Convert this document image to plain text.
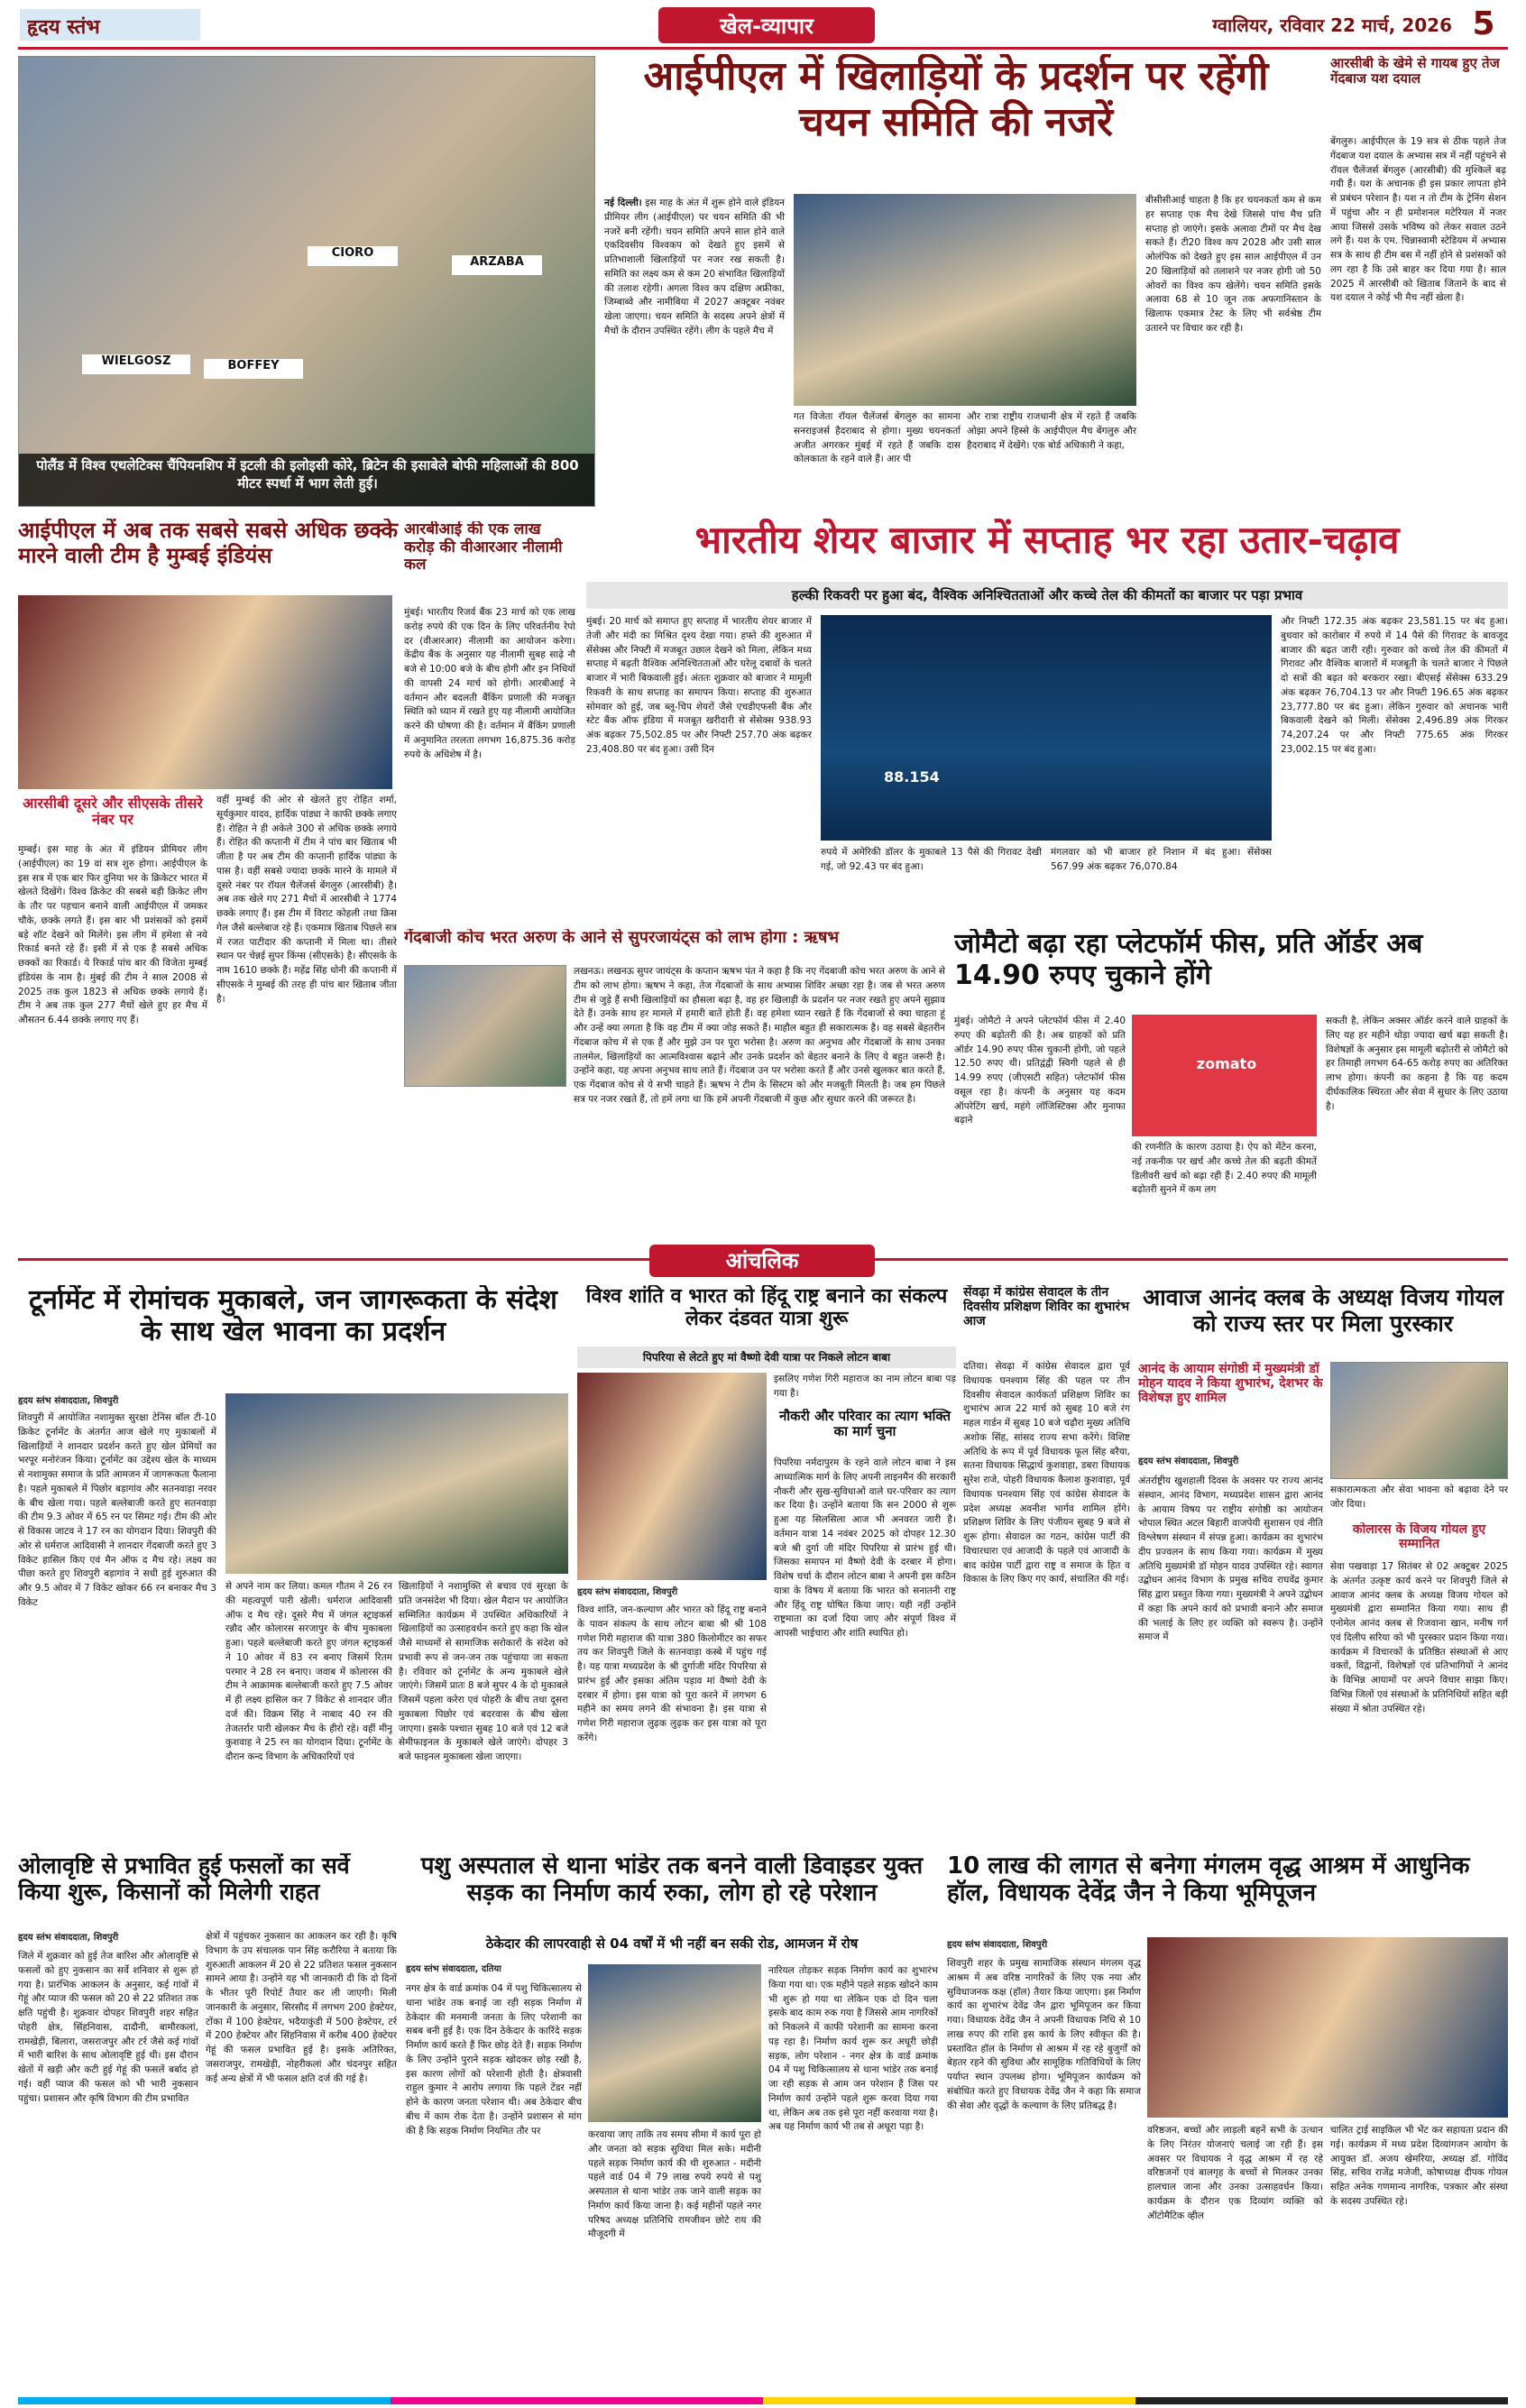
हृदय स्तंभ	खेल-व्यापार	ग्वालियर, रविवार 22 मार्च, 2026 5
WIELGOSZ	BOFFEY
CIORO
ARZABA
पोलैंड में विश्व एथलेटिक्स चैंपियनशिप में इटली की इलोइसी कोरे, ब्रिटेन की इसाबेले बोफी महिलाओं की 800 मीटर स्पर्धा में भाग लेती हुई।
आईपीएल में खिलाड़ियों के प्रदर्शन पर रहेंगी चयन समिति की नजरें
नई दिल्ली। इस माह के अंत में शुरू होने वाले इंडियन प्रीमियर लीग (आईपीएल) पर चयन समिति की भी नजरें बनी रहेंगी। चयन समिति अपने साल होने वाले एकदिवसीय विश्वकप को देखते हुए इसमें से प्रतिभाशाली खिलाड़ियों पर नजर रख सकती है। समिति का लक्ष्य कम से कम 20 संभावित खिलाड़ियों की तलाश रहेगी। अगला विश्व कप दक्षिण अफ्रीका, जिम्बाब्वे और नामीबिया में 2027 अक्टूबर नवंबर खेला जाएगा। चयन समिति के सदस्य अपने क्षेत्रों में मैचों के दौरान उपस्थित रहेंगे। लीग के पहले मैच में
गत विजेता रॉयल चैलेंजर्स बेंगलुरु का सामना सनराइजर्स हैदराबाद से होगा। मुख्य चयनकर्ता अजीत अगरकर मुंबई में रहते हैं जबकि दास कोलकाता के रहने वाले हैं। आर पी
और रात्रा राष्ट्रीय राजधानी क्षेत्र में रहते हैं जबकि ओझा अपने हिस्से के आईपीएल मैच बेंगलुरु और हैदराबाद में देखेंगे। एक बोर्ड अधिकारी ने कहा,
बीसीसीआई चाहता है कि हर चयनकर्ता कम से कम हर सप्ताह एक मैच देखे जिससे पांच मैच प्रति सप्ताह हो जाएंगे। इसके अलावा टीमों पर मैच देख सकते हैं। टी20 विश्व कप 2028 और उसी साल ओलंपिक को देखते हुए इस साल आईपीएल में उन 20 खिलाड़ियों को तलाशने पर नजर होगी जो 50 ओवरों का विश्व कप खेलेंगे। चयन समिति इसके अलावा 68 से 10 जून तक अफगानिस्तान के खिलाफ एकमात्र टेस्ट के लिए भी सर्वश्रेष्ठ टीम उतारने पर विचार कर रही है।
आरसीबी के खेमे से गायब हुए तेज गेंदबाज यश दयाल
बेंगलुरु। आईपीएल के 19 सत्र से ठीक पहले तेज गेंदबाज यश दयाल के अभ्यास सत्र में नहीं पहुंचने से रॉयल चैलेंजर्स बेंगलुरु (आरसीबी) की मुश्किलें बढ़ गयी हैं। यश के अचानक ही इस प्रकार लापता होने से प्रबंधन परेशान है। यश न तो टीम के ट्रेनिंग सेशन में पहुंचा और न ही प्रमोशनल मटेरियल में नजर आया जिससे उसके भविष्य को लेकर सवाल उठने लगे हैं। यश के एम. चिन्नास्वामी स्टेडियम में अभ्यास सत्र के साथ ही टीम बस में नहीं होने से प्रशंसकों को लग रहा है कि उसे बाहर कर दिया गया है। साल 2025 में आरसीबी को खिताब जिताने के बाद से यश दयाल ने कोई भी मैच नहीं खेला है।
आईपीएल में अब तक सबसे सबसे अधिक छक्के मारने वाली टीम है मुम्बई इंडियंस
आरसीबी दूसरे और सीएसके तीसरे नंबर पर
मुम्बई। इस माह के अंत में इंडियन प्रीमियर लीग (आईपीएल) का 19 वां सत्र शुरु होगा। आईपीएल के इस सत्र में एक बार फिर दुनिया भर के क्रिकेटर भारत में खेलते दिखेंगे। विश्व क्रिकेट की सबसे बड़ी क्रिकेट लीग के तौर पर पहचान बनाने वाली आईपीएल में जमकर चौके, छक्के लगते हैं। इस बार भी प्रशंसकों को इसमें बड़े शॉट देखने को मिलेंगे। इस लीग में हमेशा से नये रिकार्ड बनते रहे हैं। इसी में से एक है सबसे अधिक छक्कों का रिकार्ड। ये रिकार्ड पांच बार की विजेता मुम्बई इंडियंस के नाम है। मुंबई की टीम ने साल 2008 से 2025 तक कुल 1823 से अधिक छक्के लगाये हैं। टीम ने अब तक कुल 277 मैचों खेले हुए हर मैच में औसतन 6.44 छक्के लगाए गए हैं।
वहीं मुम्बई की ओर से खेलते हुए रोहित शर्मा, सूर्यकुमार यादव, हार्दिक पांड्या ने काफी छक्के लगाए हैं। रोहित ने ही अकेले 300 से अधिक छक्के लगाये हैं। रोहित की कप्तानी में टीम ने पांच बार खिताब भी जीता है पर अब टीम की कप्तानी हार्दिक पांड्या के पास है। वहीं सबसे ज्यादा छक्के मारने के मामले में दूसरे नंबर पर रॉयल चैलेंजर्स बेंगलुरु (आरसीबी) है। अब तक खेले गए 271 मैचों में आरसीबी ने 1774 छक्के लगाए हैं। इस टीम में विराट कोहली तथा क्रिस गेल जैसे बल्लेबाज रहे हैं। एकमात्र खिताब पिछले सत्र में रजत पाटीदार की कप्तानी में मिला था। तीसरे स्थान पर चेन्नई सुपर किंग्स (सीएसके) है। सीएसके के नाम 1610 छक्के हैं। महेंद्र सिंह धोनी की कप्तानी में सीएसके ने मुम्बई की तरह ही पांच बार खिताब जीता है।
आरबीआई की एक लाख करोड़ की वीआरआर नीलामी कल
मुंबई। भारतीय रिजर्व बैंक 23 मार्च को एक लाख करोड़ रुपये की एक दिन के लिए परिवर्तनीय रेपो दर (वीआरआर) नीलामी का आयोजन करेगा। केंद्रीय बैंक के अनुसार यह नीलामी सुबह साढ़े नौ बजे से 10:00 बजे के बीच होगी और इन निधियों की वापसी 24 मार्च को होगी। आरबीआई ने वर्तमान और बदलती बैंकिंग प्रणाली की मजबूत स्थिति को ध्यान में रखते हुए यह नीलामी आयोजित करने की घोषणा की है। वर्तमान में बैंकिंग प्रणाली में अनुमानित तरलता लगभग 16,875.36 करोड़ रुपये के अधिशेष में है।
भारतीय शेयर बाजार में सप्ताह भर रहा उतार-चढ़ाव
हल्की रिकवरी पर हुआ बंद, वैश्विक अनिश्चितताओं और कच्चे तेल की कीमतों का बाजार पर पड़ा प्रभाव
मुंबई। 20 मार्च को समाप्त हुए सप्ताह में भारतीय शेयर बाजार में तेजी और मंदी का मिश्रित दृश्य देखा गया। हफ्ते की शुरुआत में सेंसेक्स और निफ्टी में मजबूत उछाल देखने को मिला, लेकिन मध्य सप्ताह में बढ़ती वैश्विक अनिश्चितताओं और घरेलू दबावों के चलते बाजार में भारी बिकवाली हुई। अंततः शुक्रवार को बाजार ने मामूली रिकवरी के साथ सप्ताह का समापन किया। सप्ताह की शुरुआत सोमवार को हुई, जब ब्लू-चिप शेयरों जैसे एचडीएफसी बैंक और स्टेट बैंक ऑफ इंडिया में मजबूत खरीदारी से सेंसेक्स 938.93 अंक बढ़कर 75,502.85 पर और निफ्टी 257.70 अंक बढ़कर 23,408.80 पर बंद हुआ। उसी दिन
88.154
रुपये में अमेरिकी डॉलर के मुकाबले 13 पैसे की गिरावट देखी गई, जो 92.43 पर बंद हुआ।
मंगलवार को भी बाजार हरे निशान में बंद हुआ। सेंसेक्स 567.99 अंक बढ़कर 76,070.84
और निफ्टी 172.35 अंक बढ़कर 23,581.15 पर बंद हुआ। बुधवार को कारोबार में रुपये में 14 पैसे की गिरावट के बावजूद बाजार की बढ़त जारी रही। गुरुवार को कच्चे तेल की कीमतों में गिरावट और वैश्विक बाजारों में मजबूती के चलते बाजार ने पिछले दो सत्रों की बढ़त को बरकरार रखा। बीएसई सेंसेक्स 633.29 अंक बढ़कर 76,704.13 पर और निफ्टी 196.65 अंक बढ़कर 23,777.80 पर बंद हुआ। लेकिन गुरुवार को अचानक भारी बिकवाली देखने को मिली। सेंसेक्स 2,496.89 अंक गिरकर 74,207.24 पर और निफ्टी 775.65 अंक गिरकर 23,002.15 पर बंद हुआ।
गेंदबाजी कोच भरत अरुण के आने से सुपरजायंट्स को लाभ होगा : ऋषभ
लखनऊ। लखनऊ सुपर जायंट्स के कप्तान ऋषभ पंत ने कहा है कि नए गेंदबाजी कोच भरत अरुण के आने से टीम को लाभ होगा। ऋषभ ने कहा, तेज गेंदबाजों के साथ अभ्यास शिविर अच्छा रहा है। जब से भरत अरुण टीम से जुड़े हैं सभी खिलाड़ियों का हौसला बढ़ा है, वह हर खिलाड़ी के प्रदर्शन पर नजर रखते हुए अपने सुझाव देते हैं। उनके साथ हर मामले में हमारी बातें होती हैं। वह हमेशा ध्यान रखते हैं कि गेंदबाजों से क्या चाहता हूं और उन्हें क्या लगता है कि वह टीम में क्या जोड़ सकते हैं। माहौल बहुत ही सकारात्मक है। वह सबसे बेहतरीन गेंदबाज कोच में से एक हैं और मुझे उन पर पूरा भरोसा है। अरुण का अनुभव और गेंदबाजों के साथ उनका तालमेल, खिलाड़ियों का आत्मविश्वास बढ़ाने और उनके प्रदर्शन को बेहतर बनाने के लिए ये बहुत जरूरी है। उन्होंने कहा, यह अपना अनुभव साथ लाते हैं। गेंदबाज उन पर भरोसा करते हैं और उनसे खुलकर बात करते हैं, एक गेंदबाज कोच से ये सभी चाहते हैं। ऋषभ ने टीम के सिस्टम को और मजबूती मिलती है। जब हम पिछले सत्र पर नजर रखते हैं, तो हमें लगा था कि हमें अपनी गेंदबाजी में कुछ और सुधार करने की जरूरत है।
जोमैटो बढ़ा रहा प्लेटफॉर्म फीस, प्रति ऑर्डर अब 14.90 रुपए चुकाने होंगे
मुंबई। जोमैटो ने अपने प्लेटफॉर्म फीस में 2.40 रुपए की बढ़ोतरी की है। अब ग्राहकों को प्रति ऑर्डर 14.90 रुपए फीस चुकानी होगी, जो पहले 12.50 रुपए थी। प्रतिद्वंद्वी स्विगी पहले से ही 14.99 रुपए (जीएसटी सहित) प्लेटफॉर्म फीस वसूल रहा है। कंपनी के अनुसार यह कदम ऑपरेटिंग खर्च, महंगे लॉजिस्टिक्स और मुनाफा बढ़ाने
zomato
की रणनीति के कारण उठाया है। ऐप को मेंटेन करना, नई तकनीक पर खर्च और कच्चे तेल की बढ़ती कीमतें डिलीवरी खर्च को बढ़ा रही हैं। 2.40 रुपए की मामूली बढ़ोतरी सुनने में कम लग
सकती है, लेकिन अक्सर ऑर्डर करने वाले ग्राहकों के लिए यह हर महीने थोड़ा ज्यादा खर्च बढ़ा सकती है। विशेषज्ञों के अनुसार इस मामूली बढ़ोतरी से जोमैटो को हर तिमाही लगभग 64-65 करोड़ रुपए का अतिरिक्त लाभ होगा। कंपनी का कहना है कि यह कदम दीर्घकालिक स्थिरता और सेवा में सुधार के लिए उठाया है।
आंचलिक
टूर्नामेंट में रोमांचक मुकाबले, जन जागरूकता के संदेश के साथ खेल भावना का प्रदर्शन
हृदय स्तंभ संवाददाता, शिवपुरी
शिवपुरी में आयोजित नशामुक्त सुरक्षा टेनिस बॉल टी-10 क्रिकेट टूर्नामेंट के अंतर्गत आज खेले गए मुकाबलों में खिलाड़ियों ने शानदार प्रदर्शन करते हुए खेल प्रेमियों का भरपूर मनोरंजन किया। टूर्नामेंट का उद्देश्य खेल के माध्यम से नशामुक्त समाज के प्रति आमजन में जागरूकता फैलाना है। पहले मुकाबले में पिछोर बड़ागांव और सतनवाड़ा नरवर के बीच खेला गया। पहले बल्लेबाजी करते हुए सतनवाड़ा की टीम 9.3 ओवर में 65 रन पर सिमट गई। टीम की ओर से विकास जाटव ने 17 रन का योगदान दिया। शिवपुरी की ओर से धर्मराज आदिवासी ने शानदार गेंदबाजी करते हुए 3 विकेट हासिल किए एवं मैन ऑफ द मैच रहे। लक्ष्य का पीछा करते हुए शिवपुरी बड़ागांव ने सधी हुई शुरुआत की और 9.5 ओवर में 7 विकेट खोकर 66 रन बनाकर मैच 3 विकेट
से अपने नाम कर लिया। कमल गौतम ने 26 रन की महत्वपूर्ण पारी खेली। धर्मराज आदिवासी ऑफ द मैच रहे। दूसरे मैच में जंगल स्ट्राइकर्स रन्नौद और कोलारस सरजापुर के बीच मुकाबला हुआ। पहले बल्लेबाजी करते हुए जंगल स्ट्राइकर्स ने 10 ओवर में 83 रन बनाए जिसमें रितम परमार ने 28 रन बनाए। जवाब में कोलारस की टीम ने आक्रामक बल्लेबाजी करते हुए 7.5 ओवर में ही लक्ष्य हासिल कर 7 विकेट से शानदार जीत दर्ज की। विक्रम सिंह ने नाबाद 40 रन की तेजतर्रार पारी खेलकर मैच के हीरो रहे। वहीं मीनू कुशवाह ने 25 रन का योगदान दिया। टूर्नामेंट के दौरान कन्द विभाग के अधिकारियों एवं
खिलाड़ियों ने नशामुक्ति से बचाव एवं सुरक्षा के प्रति जनसंदेश भी दिया। खेल मैदान पर आयोजित सम्मिलित कार्यक्रम में उपस्थित अधिकारियों ने खिलाड़ियों का उत्साहवर्धन करते हुए कहा कि खेल जैसे माध्यमों से सामाजिक सरोकारों के संदेश को प्रभावी रूप से जन-जन तक पहुंचाया जा सकता है। रविवार को टूर्नामेंट के अन्य मुकाबले खेले जाएंगे। जिसमें प्रातः 8 बजे सुपर 4 के दो मुकाबले जिसमें पहला करेरा एवं पोहरी के बीच तथा दूसरा मुकाबला पिछोर एवं बदरवास के बीच खेला जाएगा। इसके पश्चात सुबह 10 बजे एवं 12 बजे सेमीफाइनल के मुकाबले खेले जाएंगे। दोपहर 3 बजे फाइनल मुकाबला खेला जाएगा।
विश्व शांति व भारत को हिंदू राष्ट्र बनाने का संकल्प लेकर दंडवत यात्रा शुरू
पिपरिया से लेटते हुए मां वैष्णो देवी यात्रा पर निकले लोटन बाबा
इसलिए गणेश गिरी महाराज का नाम लोटन बाबा पड़ गया है।
नौकरी और परिवार का त्याग भक्ति का मार्ग चुना
हृदय स्तंभ संवाददाता, शिवपुरी
विश्व शांति, जन-कल्याण और भारत को हिंदू राष्ट्र बनाने के पावन संकल्प के साथ लोटन बाबा श्री श्री 108 गणेश गिरी महाराज की यात्रा 380 किलोमीटर का सफर तय कर शिवपुरी जिले के सतनवाड़ा कस्बे में पहुंच गई है। यह यात्रा मध्यप्रदेश के श्री दुर्गाजी मंदिर पिपरिया से प्रारंभ हुई और इसका अंतिम पड़ाव मां वैष्णो देवी के दरबार में होगा। इस यात्रा को पूरा करने में लगभग 6 महीने का समय लगने की संभावना है। इस यात्रा से गणेश गिरी महाराज लुढ़क लुढ़क कर इस यात्रा को पूरा करेंगे।
पिपरिया नर्मदापुरम के रहने वाले लोटन बाबा ने इस आध्यात्मिक मार्ग के लिए अपनी लाइनमैन की सरकारी नौकरी और सुख-सुविधाओं वाले घर-परिवार का त्याग कर दिया है। उन्होंने बताया कि सन 2000 से शुरू हुआ यह सिलसिला आज भी अनवरत जारी है। वर्तमान यात्रा 14 नवंबर 2025 को दोपहर 12.30 बजे श्री दुर्गा जी मंदिर पिपरिया से प्रारंभ हुई थी। जिसका समापन मां वैष्णो देवी के दरबार में होगा। विशेष चर्चा के दौरान लोटन बाबा ने अपनी इस कठिन यात्रा के विषय में बताया कि भारत को सनातनी राष्ट्र और हिंदू राष्ट्र घोषित किया जाए। यही नहीं उन्होंने राष्ट्रमाता का दर्जा दिया जाए और संपूर्ण विश्व में आपसी भाईचारा और शांति स्थापित हो।
सेंवढ़ा में कांग्रेस सेवादल के तीन दिवसीय प्रशिक्षण शिविर का शुभारंभ आज
दतिया। सेवढ़ा में कांग्रेस सेवादल द्वारा पूर्व विधायक घनश्याम सिंह की पहल पर तीन दिवसीय सेवादल कार्यकर्ता प्रशिक्षण शिविर का शुभारंभ आज 22 मार्च को सुबह 10 बजे रंग महल गार्डन में सुबह 10 बजे चढ़ौरा मुख्य अतिथि अशोक सिंह, सांसद राज्य सभा करेंगे। विशिष्ट अतिथि के रूप में पूर्व विधायक फूल सिंह बरैया, सतना विधायक सिद्धार्थ कुशवाहा, डबरा विधायक सुरेश राजे, पोहरी विधायक कैलाश कुशवाहा, पूर्व विधायक घनश्याम सिंह एवं कांग्रेस सेवादल के प्रदेश अध्यक्ष अवनीश भार्गव शामिल होंगे। प्रशिक्षण शिविर के लिए पंजीयन सुबह 9 बजे से शुरू होगा। सेवादल का गठन, कांग्रेस पार्टी की विचारधारा एवं आजादी के पहले एवं आजादी के बाद कांग्रेस पार्टी द्वारा राष्ट्र व समाज के हित व विकास के लिए किए गए कार्य, संचालित की गई।
आवाज आनंद क्लब के अध्यक्ष विजय गोयल को राज्य स्तर पर मिला पुरस्कार
आनंद के आयाम संगोष्ठी में मुख्यमंत्री डॉ मोहन यादव ने किया शुभारंभ, देशभर के विशेषज्ञ हुए शामिल
हृदय स्तंभ संवाददाता, शिवपुरी
अंतर्राष्ट्रीय खुशहाली दिवस के अवसर पर राज्य आनंद संस्थान, आनंद विभाग, मध्यप्रदेश शासन द्वारा आनंद के आयाम विषय पर राष्ट्रीय संगोष्ठी का आयोजन भोपाल स्थित अटल बिहारी वाजपेयी सुशासन एवं नीति विश्लेषण संस्थान में संपन्न हुआ। कार्यक्रम का शुभारंभ दीप प्रज्वलन के साथ किया गया। कार्यक्रम में मुख्य अतिथि मुख्यमंत्री डॉ मोहन यादव उपस्थित रहे। स्वागत उद्बोधन आनंद विभाग के प्रमुख सचिव राघवेंद्र कुमार सिंह द्वारा प्रस्तुत किया गया। मुख्यमंत्री ने अपने उद्बोधन में कहा कि अपने कार्य को प्रभावी बनाने और समाज की भलाई के लिए हर व्यक्ति को स्वरूप है। उन्होंने समाज में
सकारात्मकता और सेवा भावना को बढ़ावा देने पर जोर दिया।
कोलारस के विजय गोयल हुए सम्मानित
सेवा पखवाड़ा 17 सितंबर से 02 अक्टूबर 2025 के अंतर्गत उत्कृष्ट कार्य करने पर शिवपुरी जिले से आवाज आनंद क्लब के अध्यक्ष विजय गोयल को मुख्यमंत्री द्वारा सम्मानित किया गया। साथ ही एनोमेल आनंद क्लब से रिजवाना खान, मनीष गर्ग एवं दिलीप सरिया को भी पुरस्कार प्रदान किया गया। कार्यक्रम में विचारकों के प्रतिष्ठित संस्थाओं से आए वक्तों, विद्वानों, विशेषज्ञों एवं प्रतिभागियों ने आनंद के विभिन्न आयामों पर अपने विचार साझा किए। विभिन्न जिलों एवं संस्थाओं के प्रतिनिधियों सहित बड़ी संख्या में श्रोता उपस्थित रहे।
ओलावृष्टि से प्रभावित हुई फसलों का सर्वे किया शुरू, किसानों को मिलेगी राहत
हृदय स्तंभ संवाददाता, शिवपुरी
जिले में शुक्रवार को हुई तेज बारिश और ओलावृष्टि से फसलों को हुए नुकसान का सर्वे शनिवार से शुरू हो गया है। प्रारंभिक आकलन के अनुसार, कई गांवों में गेहूं और प्याज की फसल को 20 से 22 प्रतिशत तक क्षति पहुंची है। शुक्रवार दोपहर शिवपुरी शहर सहित पोहरी क्षेत्र, सिंहनिवास, दादौनी, बामौरकलां, रामखेड़ी, बिलारा, जसराजपुर और टर्र जैसे कई गांवों में भारी बारिश के साथ ओलावृष्टि हुई थी। इस दौरान खेतों में खड़ी और कटी हुई गेहूं की फसलें बर्बाद हो गई। वहीं प्याज की फसल को भी भारी नुकसान पहुंचा। प्रशासन और कृषि विभाग की टीम प्रभावित
क्षेत्रों में पहुंचकर नुकसान का आकलन कर रही है। कृषि विभाग के उप संचालक पान सिंह करौरिया ने बताया कि शुरुआती आकलन में 20 से 22 प्रतिशत फसल नुकसान सामने आया है। उन्होंने यह भी जानकारी दी कि दो दिनों के भीतर पूरी रिपोर्ट तैयार कर ली जाएगी। मिली जानकारी के अनुसार, सिरसौद में लगभग 200 हेक्टेयर, टोंका में 100 हेक्टेयर, भदैयाकुंडी में 500 हेक्टेयर, टर्र में 200 हेक्टेयर और सिंहनिवास में करीब 400 हेक्टेयर गेहूं की फसल प्रभावित हुई है। इसके अतिरिक्त, जसराजपुर, रामखेड़ी, नोहरीकलां और चंदनपुर सहित कई अन्य क्षेत्रों में भी फसल क्षति दर्ज की गई है।
पशु अस्पताल से थाना भांडेर तक बनने वाली डिवाइडर युक्त सड़क का निर्माण कार्य रुका, लोग हो रहे परेशान
ठेकेदार की लापरवाही से 04 वर्षों में भी नहीं बन सकी रोड, आमजन में रोष
हृदय स्तंभ संवाददाता, दतिया
नगर क्षेत्र के वार्ड क्रमांक 04 में पशु चिकित्सालय से थाना भांडेर तक बनाई जा रही सड़क निर्माण में ठेकेदार की मनमानी जनता के लिए परेशानी का सबब बनी हुई है। एक दिन ठेकेदार के कारिंदे सड़क निर्माण कार्य करते हैं फिर छोड़ देते हैं। सड़क निर्माण के लिए उन्होंने पुराने सड़क खोदकर छोड़ रखी है, इस कारण लोगों को परेशानी होती है। क्षेत्रवासी राहुल कुमार ने आरोप लगाया कि पहले टेंडर नहीं होने के कारण जनता परेशान थी। अब ठेकेदार बीच बीच में काम रोक देता है। उन्होंने प्रशासन से मांग की है कि सड़क निर्माण नियमित तौर पर	करवाया जाए ताकि तय समय सीमा में कार्य पूरा हो और जनता को सड़क सुविधा मिल सके। मदीनी पहले सड़क निर्माण कार्य की थी शुरुआत - मदीनी पहले वार्ड 04 में 79 लाख रुपये रुपये से पशु अस्पताल से थाना भांडेर तक जाने वाली सड़क का निर्माण कार्य किया जाना है। कई महीनों पहले नगर परिषद अध्यक्ष प्रतिनिधि रामजीवन छोटे राय की मौजूदगी में
नारियल तोड़कर सड़क निर्माण कार्य का शुभारंभ किया गया था। एक महीने पहले सड़क खोदने काम भी शुरू हो गया था लेकिन एक दो दिन चला इसके बाद काम रुक गया है जिससे आम नागरिकों को निकलने में काफी परेशानी का सामना करना पड़ रहा है। निर्माण कार्य शुरू कर अधूरी छोड़ी सड़क, लोग परेशान - नगर क्षेत्र के वार्ड क्रमांक 04 में पशु चिकित्सालय से थाना भांडेर तक बनाई जा रही सड़क से आम जन परेशान हैं जिस पर निर्माण कार्य उन्होंने पहले शुरू करवा दिया गया था, लेकिन अब तक इसे पूरा नहीं करवाया गया है। अब यह निर्माण कार्य भी तब से अधूरा पड़ा है।
10 लाख की लागत से बनेगा मंगलम वृद्ध आश्रम में आधुनिक हॉल, विधायक देवेंद्र जैन ने किया भूमिपूजन
हृदय स्तंभ संवाददाता, शिवपुरी
शिवपुरी शहर के प्रमुख सामाजिक संस्थान मंगलम वृद्ध आश्रम में अब वरिष्ठ नागरिकों के लिए एक नया और सुविधाजनक कक्ष (हॉल) तैयार किया जाएगा। इस निर्माण कार्य का शुभारंभ देवेंद्र जैन द्वारा भूमिपूजन कर किया गया। विधायक देवेंद्र जैन ने अपनी विधायक निधि से 10 लाख रुपए की राशि इस कार्य के लिए स्वीकृत की है। प्रस्तावित हॉल के निर्माण से आश्रम में रह रहे बुजुर्गों को बेहतर रहने की सुविधा और सामूहिक गतिविधियों के लिए पर्याप्त स्थान उपलब्ध होगा। भूमिपूजन कार्यक्रम को संबोधित करते हुए विधायक देवेंद्र जैन ने कहा कि समाज की सेवा और वृद्धों के कल्याण के लिए प्रतिबद्ध है।
वरिष्ठजन, बच्चों और लाड़ली बहनें सभी के उत्थान के लिए निरंतर योजनाएं चलाई जा रही हैं। इस अवसर पर विधायक ने वृद्ध आश्रम में रह रहे वरिष्ठजनों एवं बालगृह के बच्चों से मिलकर उनका हालचाल जाना और उनका उत्साहवर्धन किया। कार्यक्रम के दौरान एक दिव्यांग व्यक्ति को ऑटोमैटिक व्हील
चालित ट्राई साइकिल भी भेंट कर सहायता प्रदान की गई। कार्यक्रम में मध्य प्रदेश दिव्यांगजन आयोग के आयुक्त डॉ. अजय खेमरिया, अध्यक्ष डॉ. गोविंद सिंह, सचिव राजेंद्र मजेजी, कोषाध्यक्ष दीपक गोयल सहित अनेक गणमान्य नागरिक, पत्रकार और संस्था के सदस्य उपस्थित रहे।
